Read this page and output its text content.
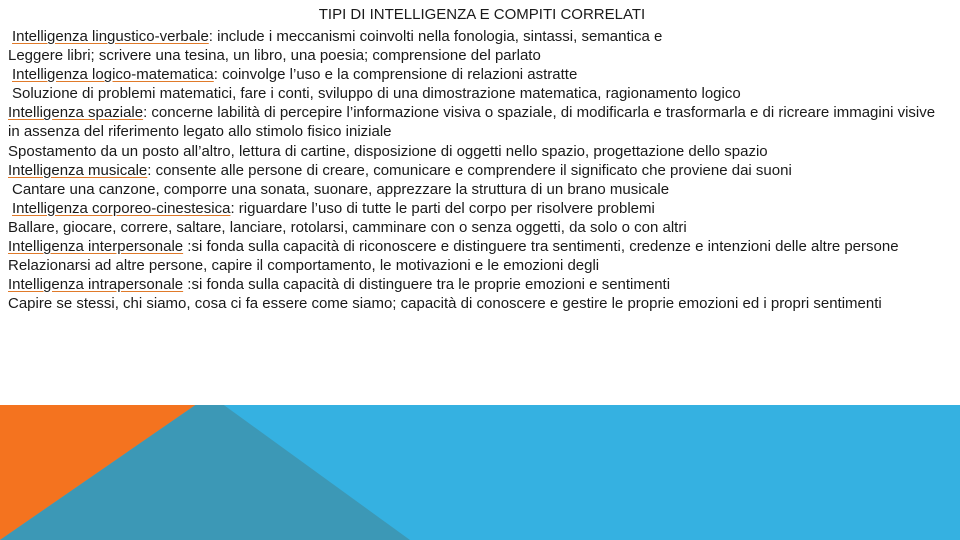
TIPI DI INTELLIGENZA E COMPITI CORRELATI

Intelligenza lingustico-verbale: include i meccanismi coinvolti nella fonologia, sintassi, semantica e

Leggere libri; scrivere una tesina, un libro, una poesia; comprensione del parlato

Intelligenza logico-matematica: coinvolge l’uso e la comprensione di relazioni astratte

Soluzione di problemi matematici, fare i conti, sviluppo di una dimostrazione matematica, ragionamento logico

Intelligenza spaziale: concerne labilità di percepire l’informazione visiva o spaziale, di modificarla e trasformarla e di ricreare immagini visive in assenza del riferimento legato allo stimolo fisico iniziale

Spostamento da un posto all’altro, lettura di cartine, disposizione di oggetti nello spazio, progettazione dello spazio

Intelligenza musicale: consente alle persone di creare, comunicare e comprendere il significato che proviene dai suoni

Cantare una canzone, comporre una sonata, suonare, apprezzare la struttura di un brano musicale

Intelligenza corporeo-cinestesica: riguardare l’uso di tutte le parti del corpo per risolvere problemi

Ballare, giocare, correre, saltare, lanciare, rotolarsi, camminare con o senza oggetti, da solo o con altri

Intelligenza interpersonale :si fonda sulla capacità di riconoscere e distinguere tra sentimenti, credenze e intenzioni delle altre persone

Relazionarsi ad altre persone, capire il comportamento, le motivazioni e le emozioni degli

Intelligenza intrapersonale :si fonda sulla capacità di distinguere tra le proprie emozioni e sentimenti

Capire se stessi, chi siamo, cosa ci fa essere come siamo; capacità di conoscere e gestire le proprie emozioni ed i propri sentimenti
